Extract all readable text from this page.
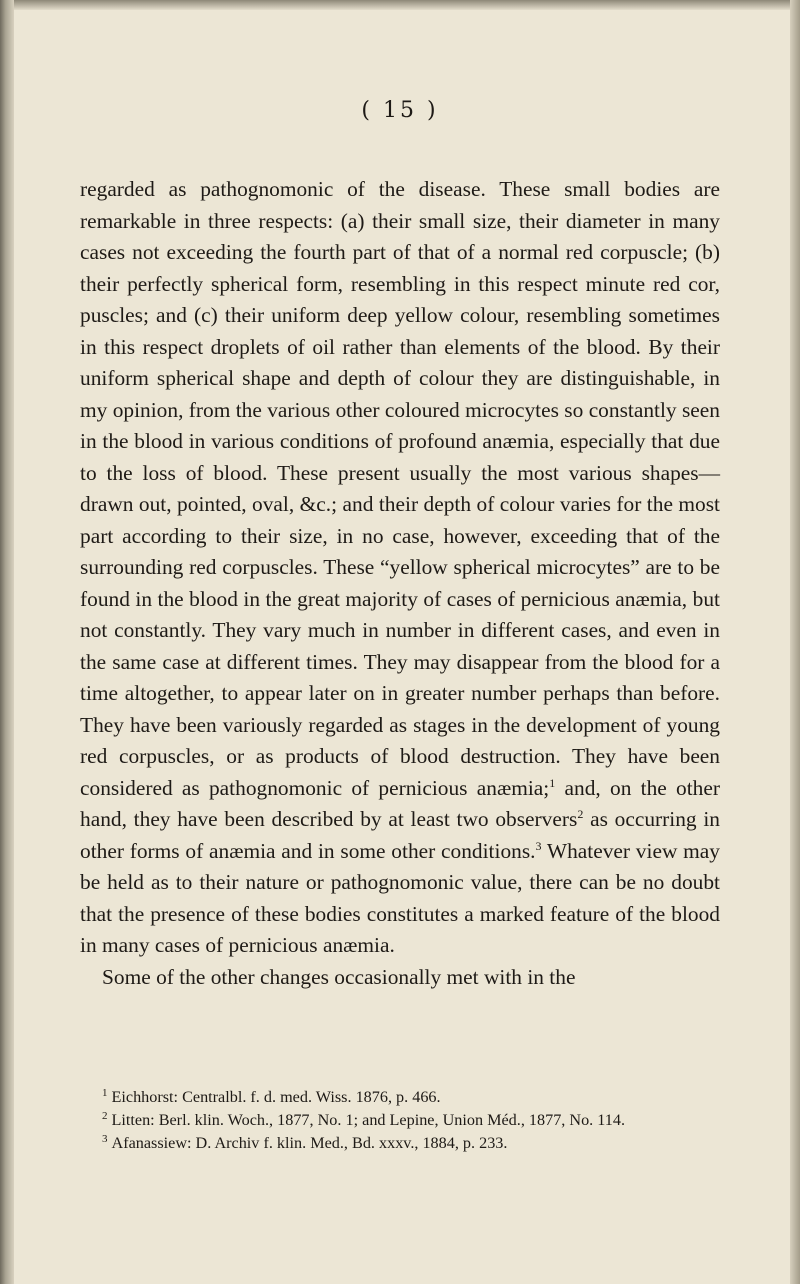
( 15 )

regarded as pathognomonic of the disease. These small bodies are remarkable in three respects: (a) their small size, their diameter in many cases not exceeding the fourth part of that of a normal red corpuscle; (b) their perfectly spherical form, resembling in this respect minute red cor, puscles; and (c) their uniform deep yellow colour, resembling sometimes in this respect droplets of oil rather than elements of the blood. By their uniform spherical shape and depth of colour they are distinguishable, in my opinion, from the various other coloured microcytes so constantly seen in the blood in various conditions of profound anæmia, especially that due to the loss of blood. These present usually the most various shapes—drawn out, pointed, oval, &c.; and their depth of colour varies for the most part according to their size, in no case, however, exceeding that of the surrounding red corpuscles. These “yellow spherical microcytes” are to be found in the blood in the great majority of cases of pernicious anæmia, but not constantly. They vary much in number in different cases, and even in the same case at different times. They may disappear from the blood for a time altogether, to appear later on in greater number perhaps than before. They have been variously regarded as stages in the development of young red corpuscles, or as products of blood destruction. They have been considered as pathognomonic of pernicious anæmia;$^1$ and, on the other hand, they have been described by at least two observers$^2$ as occurring in other forms of anæmia and in some other conditions.$^3$ Whatever view may be held as to their nature or pathognomonic value, there can be no doubt that the presence of these bodies constitutes a marked feature of the blood in many cases of pernicious anæmia.

Some of the other changes occasionally met with in the

$^1$ Eichhorst: Centralbl. f. d. med. Wiss. 1876, p. 466.

$^2$ Litten: Berl. klin. Woch., 1877, No. 1; and Lepine, Union Méd., 1877, No. 114.

$^3$ Afanassiew: D. Archiv f. klin. Med., Bd. xxxv., 1884, p. 233.
